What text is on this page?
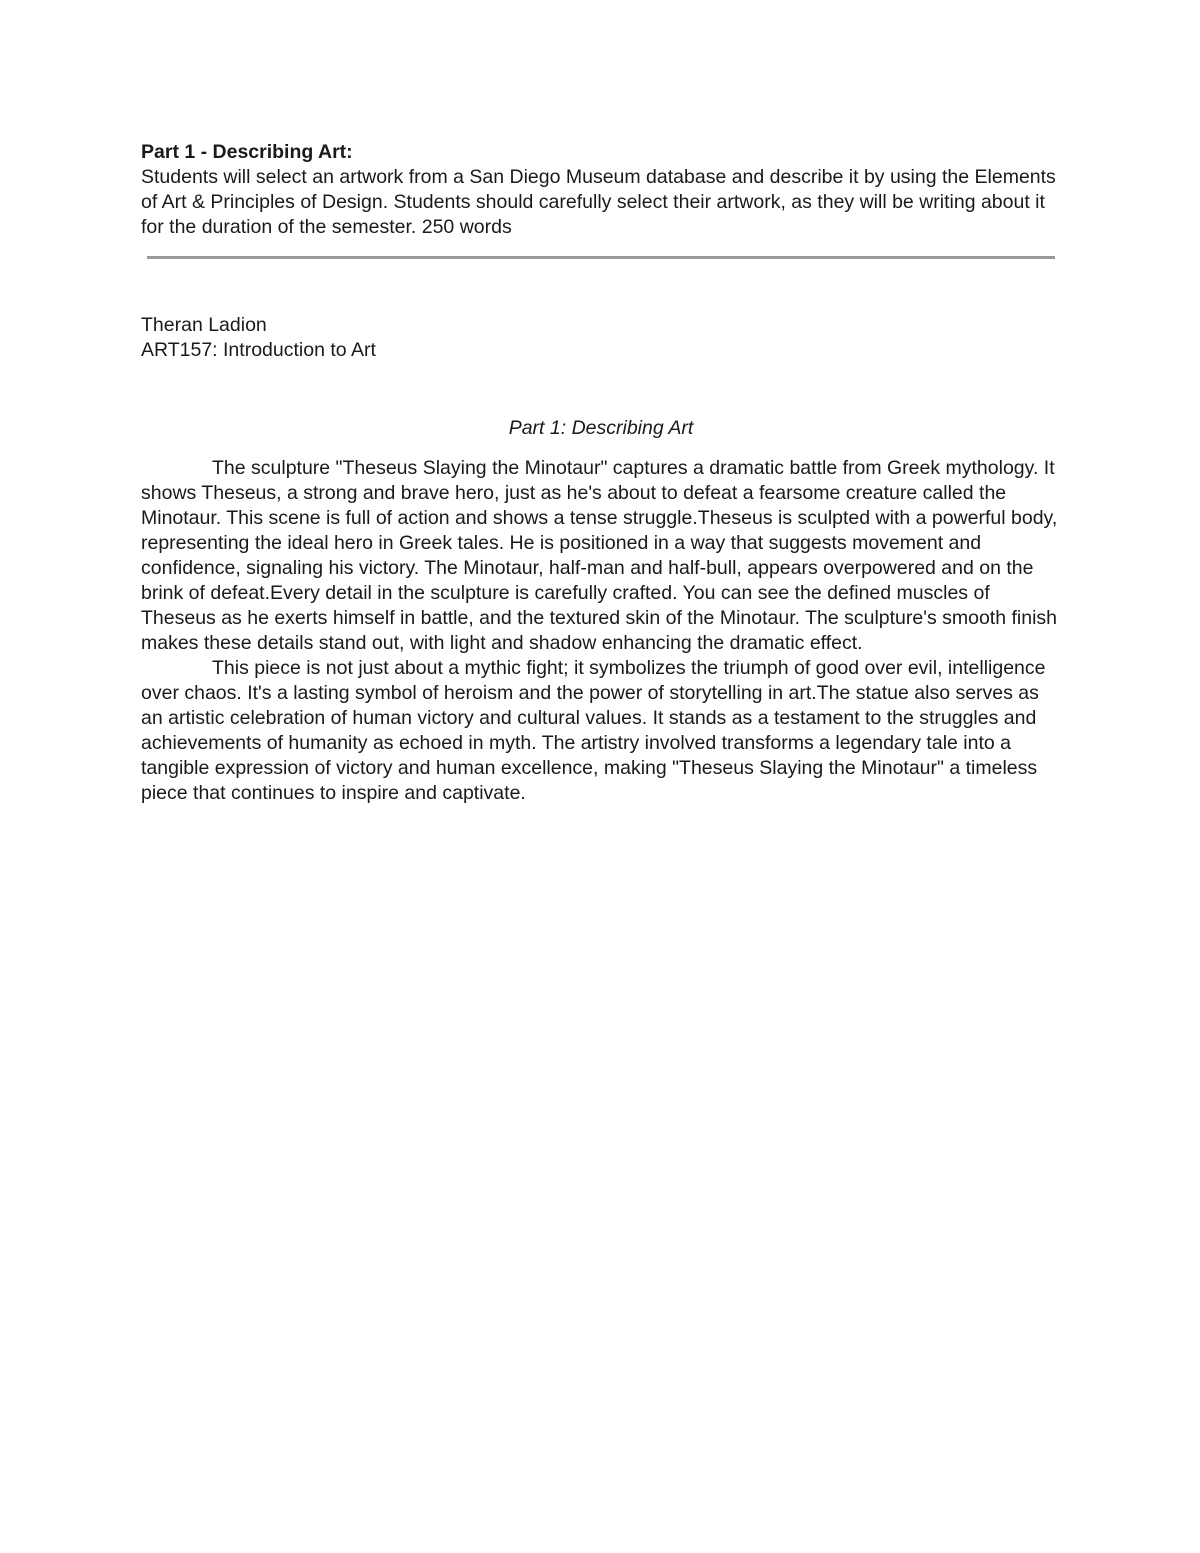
Part 1 - Describing Art:

Students will select an artwork from a San Diego Museum database and describe it by using the Elements of Art & Principles of Design. Students should carefully select their artwork, as they will be writing about it for the duration of the semester. 250 words

Theran Ladion

ART157: Introduction to Art

Part 1: Describing Art

The sculpture "Theseus Slaying the Minotaur" captures a dramatic battle from Greek mythology. It shows Theseus, a strong and brave hero, just as he's about to defeat a fearsome creature called the Minotaur. This scene is full of action and shows a tense struggle.Theseus is sculpted with a powerful body, representing the ideal hero in Greek tales. He is positioned in a way that suggests movement and confidence, signaling his victory. The Minotaur, half-man and half-bull, appears overpowered and on the brink of defeat.Every detail in the sculpture is carefully crafted. You can see the defined muscles of Theseus as he exerts himself in battle, and the textured skin of the Minotaur. The sculpture's smooth finish makes these details stand out, with light and shadow enhancing the dramatic effect.

This piece is not just about a mythic fight; it symbolizes the triumph of good over evil, intelligence over chaos. It's a lasting symbol of heroism and the power of storytelling in art.The statue also serves as an artistic celebration of human victory and cultural values. It stands as a testament to the struggles and achievements of humanity as echoed in myth. The artistry involved transforms a legendary tale into a tangible expression of victory and human excellence, making "Theseus Slaying the Minotaur" a timeless piece that continues to inspire and captivate.
